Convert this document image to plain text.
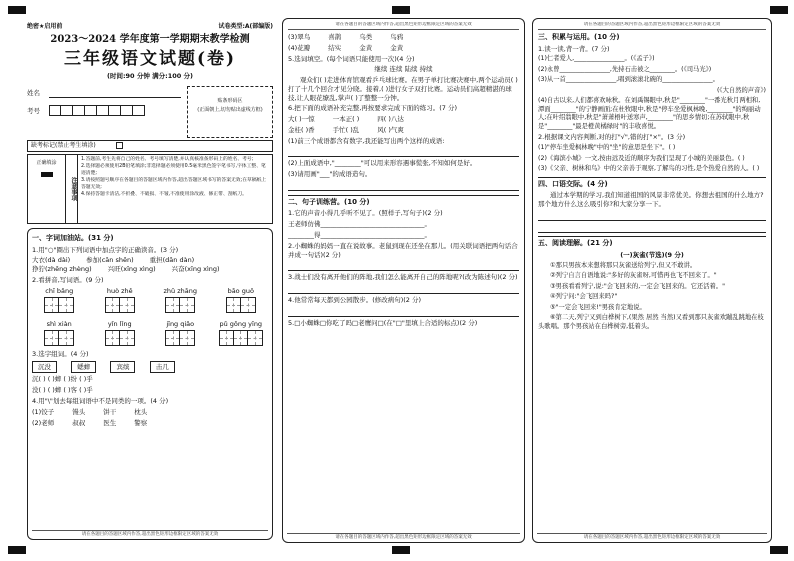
绝密★启用前	试卷类型:A(部编版)
2023～2024 学年度第一学期期末教学检测
三年级语文试题(卷)
(时间:90 分钟 满分:100 分)
姓名
考号
贴条形码区
(正面朝上,切勿贴出虚线方框)
缺考标记(禁止考生填涂)
正确填涂
注意事项
1.答题前,考生先将自己的姓名、考号填写清楚,并认真核准条形码上的姓名、考号;
2.选择题必须使用2B铅笔填涂;非选择题必须使用0.5毫米黑色签字笔书写,字体工整、笔迹清楚;
3.请按照题号顺序在各题目的答题区域内作答,超出答题区域书写的答案无效;在草稿纸上答题无效;
4.保持答题卡清洁,不折叠、不破损、不皱,不准使用涂改液、修正带、刮纸刀。
一、字词加油站。(31 分)
1.用"○"圈出下列词语中加点字的正确读音。(3 分)
大衣(dà dài) 参加(cān shēn) 重担(dān dàn)
狰狞(zhēng zhèng) 兴旺(xīng xìng) 兴奋(xīng xìng)
2.看拼音,写词语。(9 分)
chī bǎng	huò zhě	zhǔ zhāng	bāo guǒ
shì xiàn	yǐn lǐng	jīng qiǎo	pǔ gōng yīng
3.选字组词。(4 分)
沉没	蟋蟀	宾缤	击几
沉( ) ( )蟀 ( )纷 ( )乎
没( ) ( )蟀 ( )客 ( )乎
4.用"\"划去每组词语中不是同类的一项。(4 分)
(1)饺子	馒头	饼干	枕头
(2)老师	叔叔	医生	警察
请在各题目的答题区域内作答,超出黑色矩形边框限定区域的答案无效
请在各题目的答题区域内作答,超出黑色矩形边框限定区域的答案无效
(3)翠鸟	喜鹊	乌类	鸟鸦
(4)花瓣	结实	金黄	金黄
5.选词填空。(每个词语只能使用一次)(4 分)
继续 连续 陆续 持续
观众们( )走进体育馆观看乒乓球比赛。在男子单打比赛决赛中,两个运动员( )打了十几个回合才见分晓。接着,( )进行女子双打比赛。运动员们高超精湛的球技,让人眼花缭乱,掌声( )了整整一分钟。
6.把下面的成语补充完整,再按要求完成下面的练习。(7 分)
大( )一惊	一本正( )	四( )八达
金桂( )香	手忙( )乱	风( )气爽
(1)前三个成语都含有数字,我还能写出两个这样的成语:
(2)上面成语中,"________"可以用来形容遇事慌张,不知如何是好。
(3)请用画"___"的成语造句。
二、句子训练营。(10 分)
1.它的声音小得几乎听不见了。(照样子,写句子)(2 分)
王老师仿佛________________________________。
________得________________________________。
2.小蜘蛛的妈妈一直在说故事。老鼠到现在还坐在那儿。(用关联词语把两句话合并成一句话)(2 分)
3.战士们没有离开他们的阵地,我们怎么能离开自己的阵地呢?(改为陈述句)(2 分)
4.他常常每天都到公园散步。(修改病句)(2 分)
5.□小蜘蛛□你吃了吗□老鹰问□(在"□"里填上合适的标点)(2 分)
请在各题目的答题区域内作答,超出黑色矩形边框限定区域的答案无效
请在各题目的答题区域内作答,超出黑色矩形边框限定区域的答案无效
三、积累与运用。(10 分)
1.读一读,背一背。(7 分)
(1)仁者爱人,________________。(《孟子》)
(2)永曾________________,先持石击被之________。(《司马光》)
(3)从一首________________,唱到滚滚北碗的________________。
(《大自然的声音》)
(4)自古以来,人们都喜欢咏秋。在刘禹锡眼中,秋是"________"一番光秋月两相和,潭面________"的宁静画面;在杜牧眼中,秋是"停车坐爱枫林晚,________"的绚丽动人;在叶绍翁眼中,秋是"萧萧梧叶送寒声,________"的思乡情切;在苏轼眼中,秋是"________"最是橙黄橘绿时"的丰收喜悦。
2.根据课文内容判断,对的打"√",错的打"×"。(3 分)
(1)"停车坐爱枫林晚"中的"坐"的意思是坐下"。( )
(2)《海滨小城》一文,按由远及近的顺序为我们呈现了小城的美丽景色。( )
(3)《父亲、树林和鸟》中的父亲善于观察,了解鸟的习性,是个热爱自然的人。( )
四、口语交际。(4 分)
通过本学期的学习,我们知道祖国的风景非常优美。你想去祖国的什么地方?那个地方什么这么吸引你?和大家分享一下。
五、阅读理解。(21 分)
(一)灰雀(节选)(9 分)
①那只男孩本来想将那只灰雀送给列宁,但又不敢讲。
②列宁自言自语地说:"多好的灰雀呀,可惜再也飞不回来了。"
③男孩看看列宁,说:"会飞回来的,一定会飞回来的。它还活着。"
④列宁问:"会飞回来吗?"
⑤"一定会飞回来!"男孩肯定地说。
⑥第二天,列宁又到白桦树下,(果然 居然 当然)又看到那只灰雀欢蹦乱跳地在枝头歌唱。那个男孩站在白桦树旁,低着头。
请在各题目的答题区域内作答,超出黑色矩形边框限定区域的答案无效
